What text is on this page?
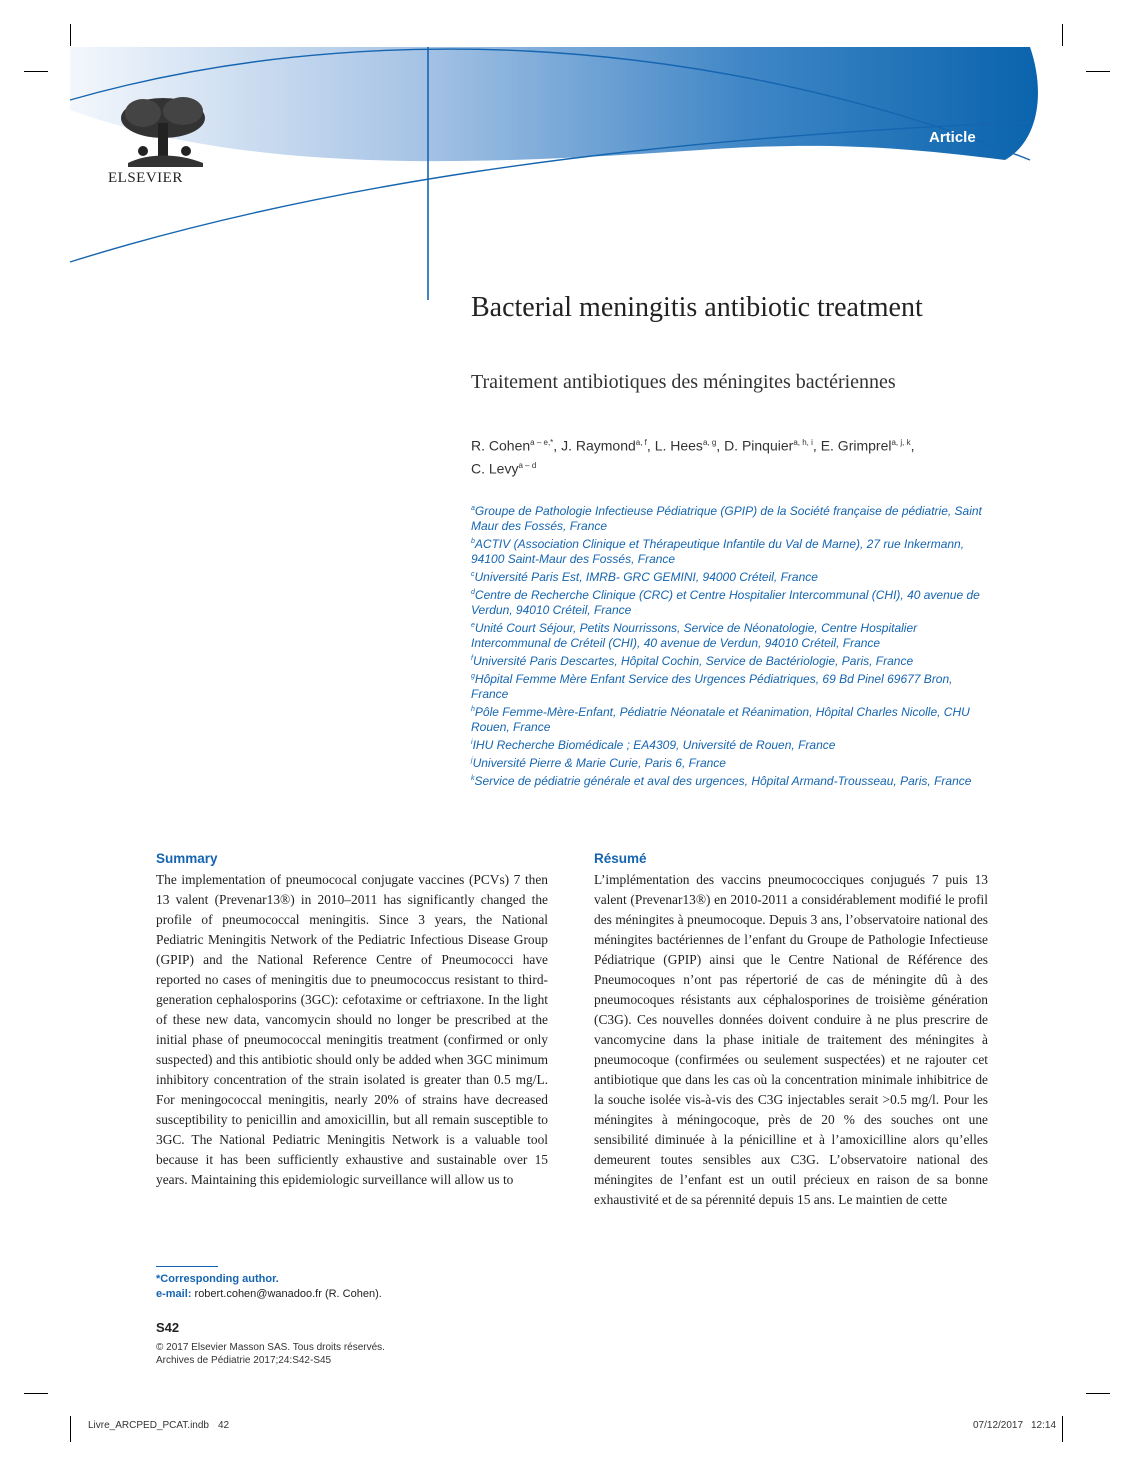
ELSEVIER
Article
Bacterial meningitis antibiotic treatment
Traitement antibiotiques des méningites bactériennes
R. Cohen$^{a - e,*}$, J. Raymond$^{a, f}$, L. Hees$^{a, g}$, D. Pinquier$^{a, h, i}$, E. Grimprel$^{a, j, k}$,
C. Levy$^{a - d}$
$^a$Groupe de Pathologie Infectieuse Pédiatrique (GPIP) de la Société française de pédiatrie, Saint Maur des Fossés, France
$^b$ACTIV (Association Clinique et Thérapeutique Infantile du Val de Marne), 27 rue Inkermann, 94100 Saint-Maur des Fossés, France
$^c$Université Paris Est, IMRB- GRC GEMINI, 94000 Créteil, France
$^d$Centre de Recherche Clinique (CRC) et Centre Hospitalier Intercommunal (CHI), 40 avenue de Verdun, 94010 Créteil, France
$^e$Unité Court Séjour, Petits Nourrissons, Service de Néonatologie, Centre Hospitalier Intercommunal de Créteil (CHI), 40 avenue de Verdun, 94010 Créteil, France
$^f$Université Paris Descartes, Hôpital Cochin, Service de Bactériologie, Paris, France
$^g$Hôpital Femme Mère Enfant Service des Urgences Pédiatriques, 69 Bd Pinel 69677 Bron, France
$^h$Pôle Femme-Mère-Enfant, Pédiatrie Néonatale et Réanimation, Hôpital Charles Nicolle, CHU Rouen, France
$^i$IHU Recherche Biomédicale ; EA4309, Université de Rouen, France
$^j$Université Pierre & Marie Curie, Paris 6, France
$^k$Service de pédiatrie générale et aval des urgences, Hôpital Armand-Trousseau, Paris, France
Summary
The implementation of pneumococal conjugate vaccines (PCVs) 7 then 13 valent (Prevenar13®) in 2010–2011 has significantly changed the profile of pneumococcal meningitis. Since 3 years, the National Pediatric Meningitis Network of the Pediatric Infectious Disease Group (GPIP) and the National Reference Centre of Pneumococci have reported no cases of meningitis due to pneumococcus resistant to third-generation cephalosporins (3GC): cefotaxime or ceftriaxone. In the light of these new data, vancomycin should no longer be prescribed at the initial phase of pneumococcal meningitis treatment (confirmed or only suspected) and this antibiotic should only be added when 3GC minimum inhibitory concentration of the strain isolated is greater than 0.5 mg/L. For meningococcal meningitis, nearly 20% of strains have decreased susceptibility to penicillin and amoxicillin, but all remain susceptible to 3GC. The National Pediatric Meningitis Network is a valuable tool because it has been sufficiently exhaustive and sustainable over 15 years. Maintaining this epidemiologic surveillance will allow us to
Résumé
L’implémentation des vaccins pneumococciques conjugués 7 puis 13 valent (Prevenar13®) en 2010-2011 a considérablement modifié le profil des méningites à pneumocoque. Depuis 3 ans, l’observatoire national des méningites bactériennes de l’enfant du Groupe de Pathologie Infectieuse Pédiatrique (GPIP) ainsi que le Centre National de Référence des Pneumocoques n’ont pas répertorié de cas de méningite dû à des pneumocoques résistants aux céphalosporines de troisième génération (C3G). Ces nouvelles données doivent conduire à ne plus prescrire de vancomycine dans la phase initiale de traitement des méningites à pneumocoque (confirmées ou seulement suspectées) et ne rajouter cet antibiotique que dans les cas où la concentration minimale inhibitrice de la souche isolée vis-à-vis des C3G injectables serait >0.5 mg/l. Pour les méningites à méningocoque, près de 20 % des souches ont une sensibilité diminuée à la pénicilline et à l’amoxicilline alors qu’elles demeurent toutes sensibles aux C3G. L’observatoire national des méningites de l’enfant est un outil précieux en raison de sa bonne exhaustivité et de sa pérennité depuis 15 ans. Le maintien de cette
*Corresponding author.
e-mail: robert.cohen@wanadoo.fr (R. Cohen).
S42
© 2017 Elsevier Masson SAS. Tous droits réservés.
Archives de Pédiatrie 2017;24:S42-S45
Livre_ARCPED_PCAT.indb 42	07/12/2017 12:14
